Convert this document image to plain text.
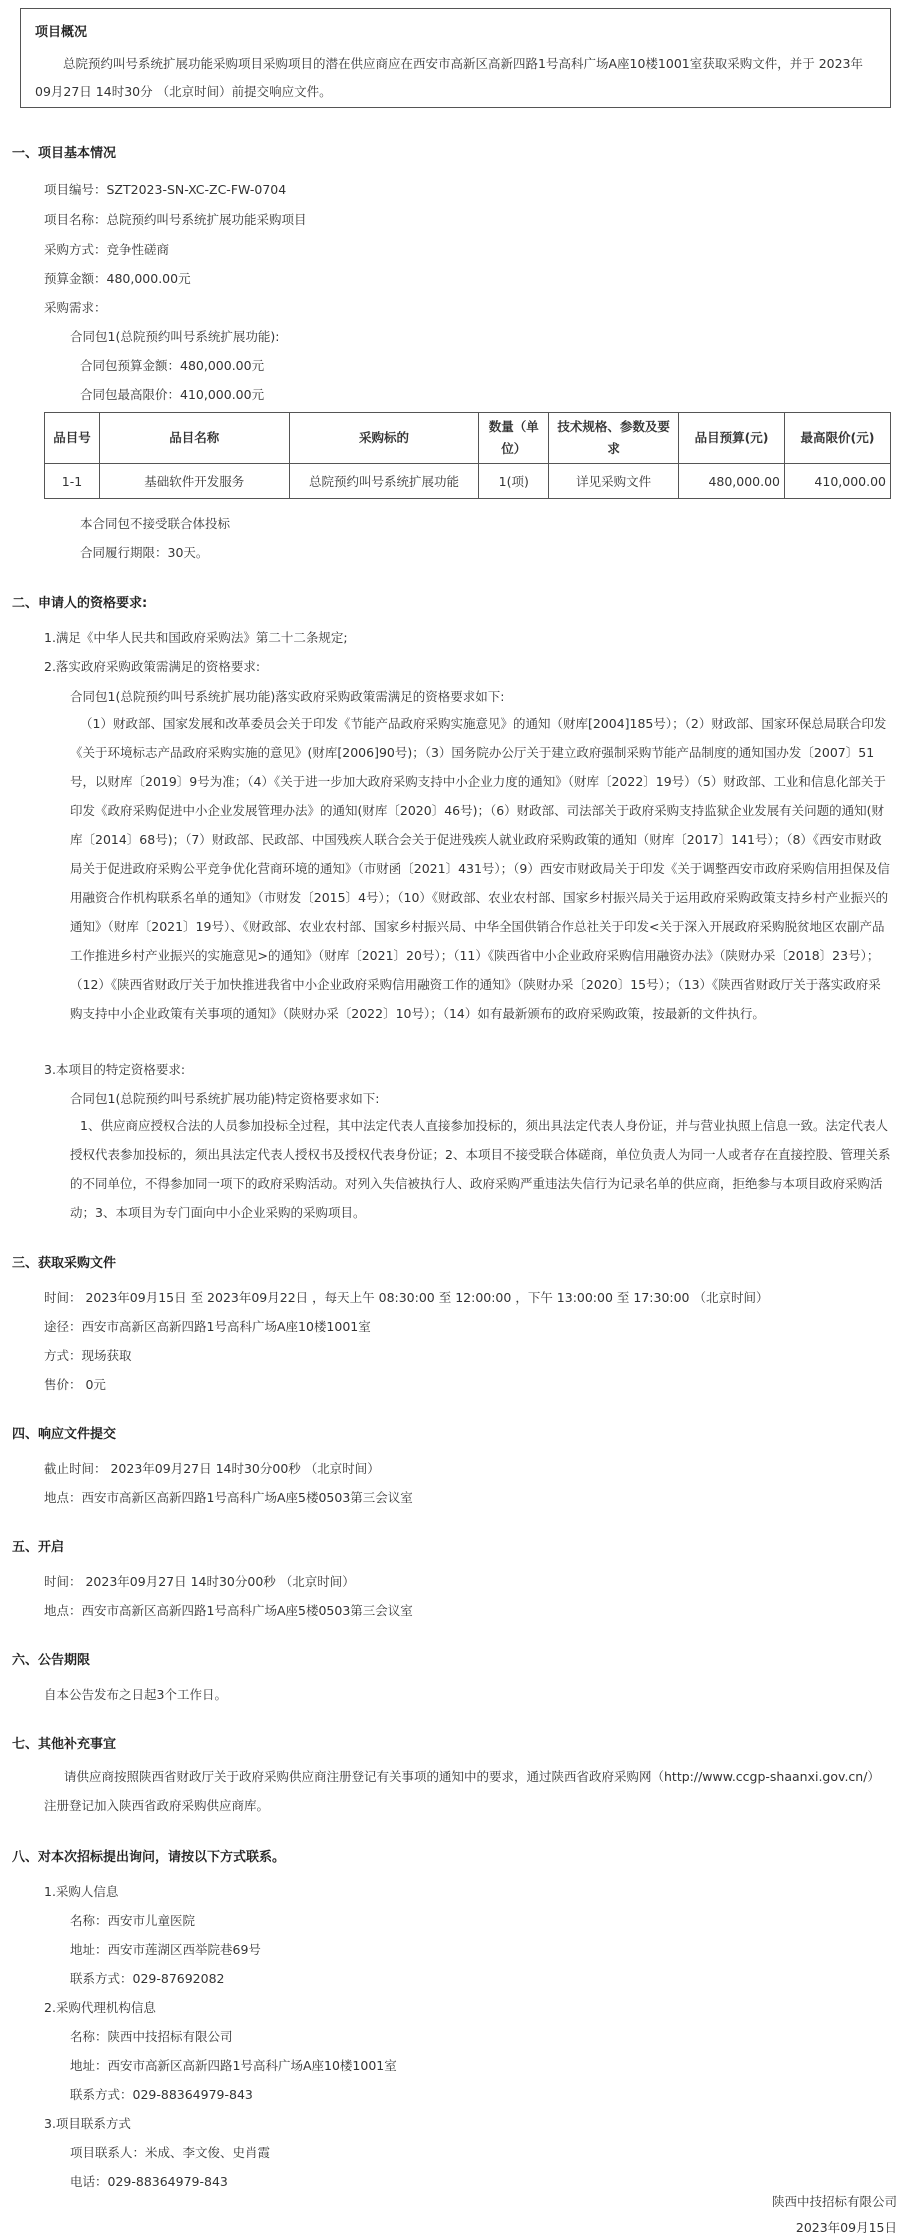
项目概况
总院预约叫号系统扩展功能采购项目采购项目的潜在供应商应在西安市高新区高新四路1号高科广场A座10楼1001室获取采购文件，并于 2023年09月27日 14时30分 （北京时间）前提交响应文件。
一、项目基本情况
项目编号：SZT2023-SN-XC-ZC-FW-0704
项目名称：总院预约叫号系统扩展功能采购项目
采购方式：竞争性磋商
预算金额：480,000.00元
采购需求：
合同包1(总院预约叫号系统扩展功能):
合同包预算金额：480,000.00元
合同包最高限价：410,000.00元
品目号	品目名称	采购标的	数量（单位）	技术规格、参数及要求	品目预算(元)	最高限价(元)
1-1	基础软件开发服务	总院预约叫号系统扩展功能	1(项)	详见采购文件	480,000.00	410,000.00
本合同包不接受联合体投标
合同履行期限：30天。
二、申请人的资格要求:
1.满足《中华人民共和国政府采购法》第二十二条规定;
2.落实政府采购政策需满足的资格要求:
合同包1(总院预约叫号系统扩展功能)落实政府采购政策需满足的资格要求如下:
（1）财政部、国家发展和改革委员会关于印发《节能产品政府采购实施意见》的通知（财库[2004]185号）；（2）财政部、国家环保总局联合印发《关于环境标志产品政府采购实施的意见》(财库[2006]90号)；（3）国务院办公厅关于建立政府强制采购节能产品制度的通知国办发〔2007〕51号，以财库〔2019〕9号为准；（4）《关于进一步加大政府采购支持中小企业力度的通知》（财库〔2022〕19号）（5）财政部、工业和信息化部关于印发《政府采购促进中小企业发展管理办法》的通知(财库〔2020〕46号)；（6）财政部、司法部关于政府采购支持监狱企业发展有关问题的通知(财库〔2014〕68号)；（7）财政部、民政部、中国残疾人联合会关于促进残疾人就业政府采购政策的通知（财库〔2017〕141号）；（8）《西安市财政局关于促进政府采购公平竞争优化营商环境的通知》（市财函〔2021〕431号）；（9）西安市财政局关于印发《关于调整西安市政府采购信用担保及信用融资合作机构联系名单的通知》（市财发〔2015〕4号）；（10）《财政部、农业农村部、国家乡村振兴局关于运用政府采购政策支持乡村产业振兴的通知》（财库〔2021〕19号）、《财政部、农业农村部、国家乡村振兴局、中华全国供销合作总社关于印发<关于深入开展政府采购脱贫地区农副产品工作推进乡村产业振兴的实施意见>的通知》（财库〔2021〕20号）；（11）《陕西省中小企业政府采购信用融资办法》（陕财办采〔2018〕23号）；（12）《陕西省财政厅关于加快推进我省中小企业政府采购信用融资工作的通知》（陕财办采〔2020〕15号）；（13）《陕西省财政厅关于落实政府采购支持中小企业政策有关事项的通知》（陕财办采〔2022〕10号）；（14）如有最新颁布的政府采购政策，按最新的文件执行。
3.本项目的特定资格要求:
合同包1(总院预约叫号系统扩展功能)特定资格要求如下:
1、供应商应授权合法的人员参加投标全过程，其中法定代表人直接参加投标的，须出具法定代表人身份证，并与营业执照上信息一致。法定代表人授权代表参加投标的，须出具法定代表人授权书及授权代表身份证；2、本项目不接受联合体磋商，单位负责人为同一人或者存在直接控股、管理关系的不同单位，不得参加同一项下的政府采购活动。对列入失信被执行人、政府采购严重违法失信行为记录名单的供应商，拒绝参与本项目政府采购活动；3、本项目为专门面向中小企业采购的采购项目。
三、获取采购文件
时间： 2023年09月15日 至 2023年09月22日 ，每天上午 08:30:00 至 12:00:00 ，下午 13:00:00 至 17:30:00 （北京时间）
途径：西安市高新区高新四路1号高科广场A座10楼1001室
方式：现场获取
售价： 0元
四、响应文件提交
截止时间： 2023年09月27日 14时30分00秒 （北京时间）
地点：西安市高新区高新四路1号高科广场A座5楼0503第三会议室
五、开启
时间： 2023年09月27日 14时30分00秒 （北京时间）
地点：西安市高新区高新四路1号高科广场A座5楼0503第三会议室
六、公告期限
自本公告发布之日起3个工作日。
七、其他补充事宜
请供应商按照陕西省财政厅关于政府采购供应商注册登记有关事项的通知中的要求，通过陕西省政府采购网（http://www.ccgp-shaanxi.gov.cn/）注册登记加入陕西省政府采购供应商库。
八、对本次招标提出询问，请按以下方式联系。
1.采购人信息
名称：西安市儿童医院
地址：西安市莲湖区西举院巷69号
联系方式：029-87692082
2.采购代理机构信息
名称：陕西中技招标有限公司
地址：西安市高新区高新四路1号高科广场A座10楼1001室
联系方式：029-88364979-843
3.项目联系方式
项目联系人：米成、李文俊、史肖霞
电话：029-88364979-843
陕西中技招标有限公司
2023年09月15日
